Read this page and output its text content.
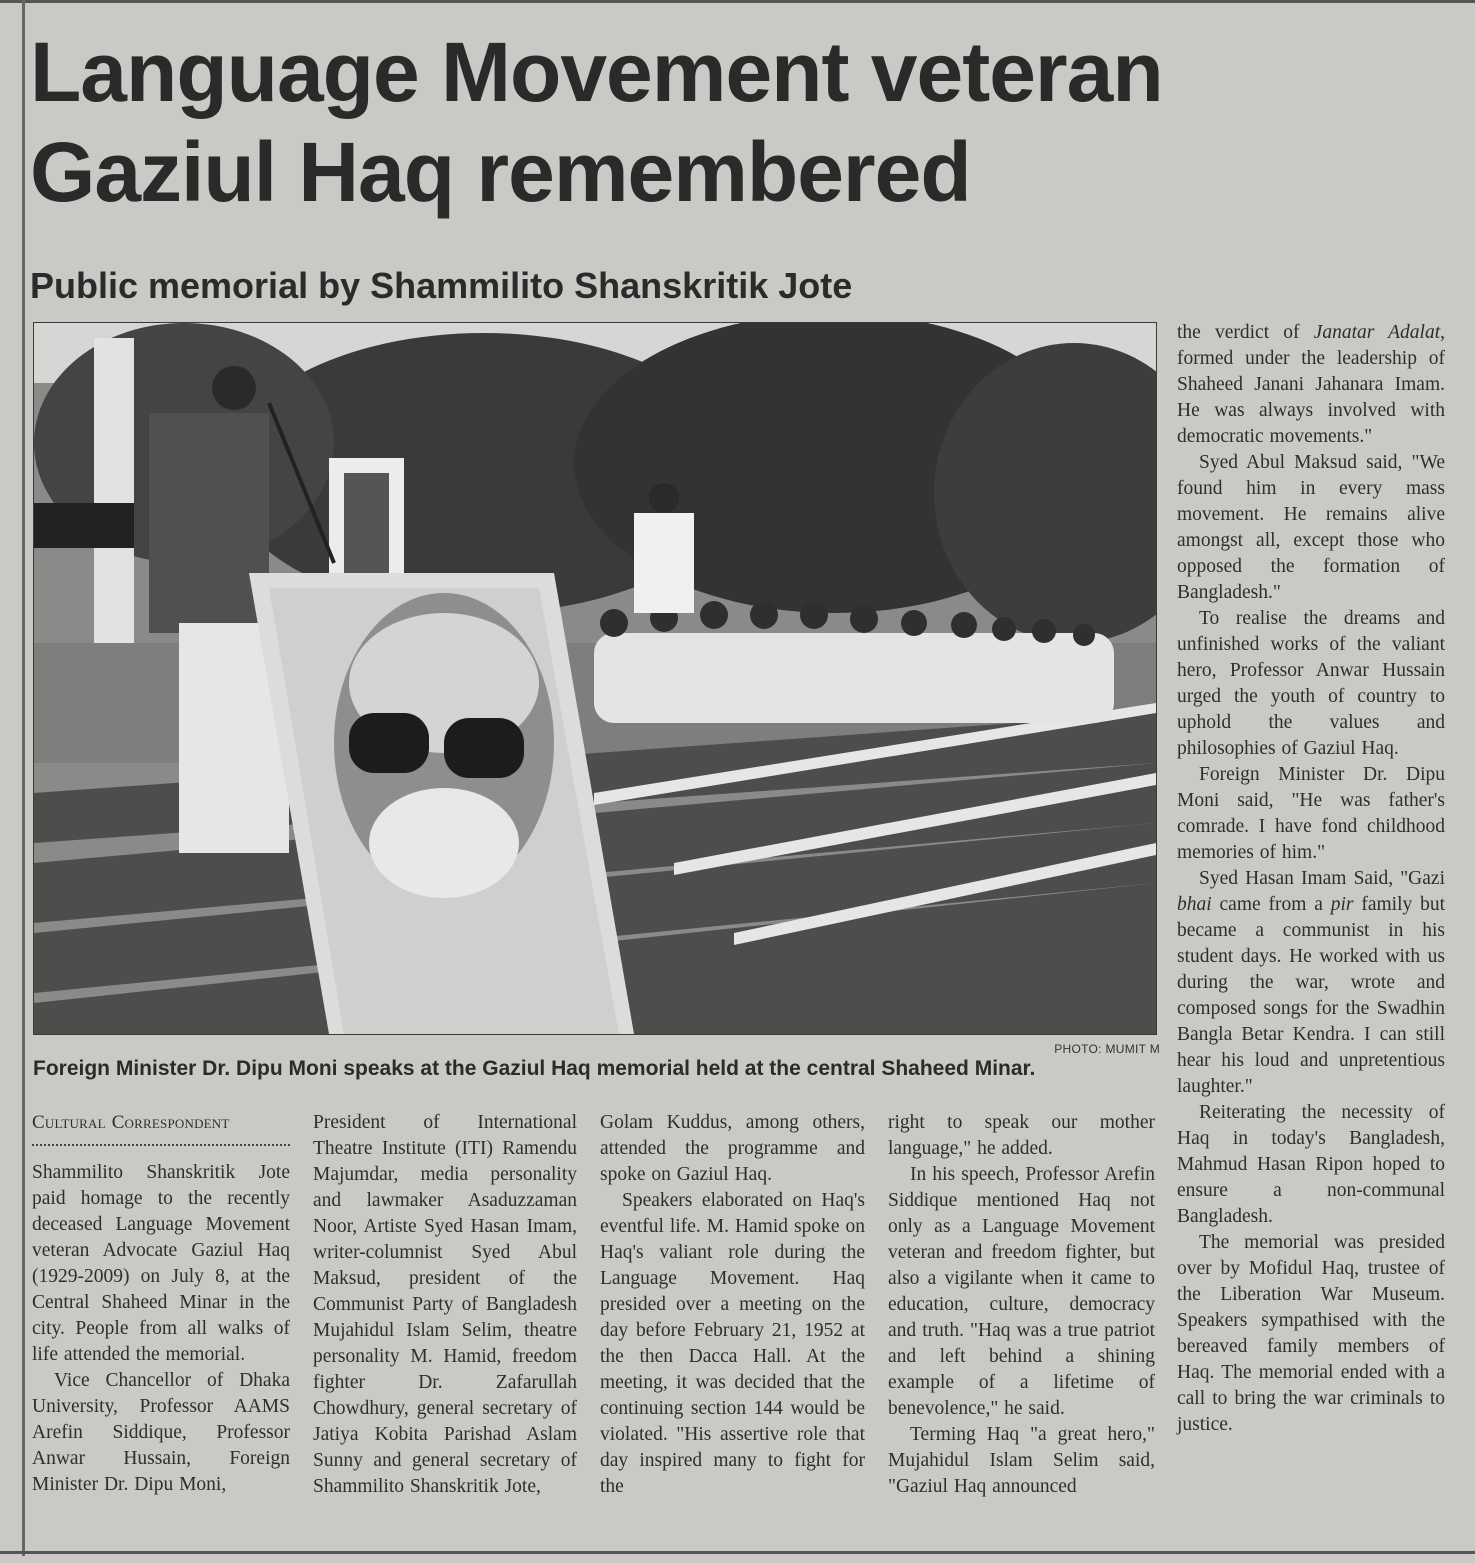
Language Movement veteran
Gaziul Haq remembered
Public memorial by Shammilito Shanskritik Jote
PHOTO: MUMIT M
Foreign Minister Dr. Dipu Moni speaks at the Gaziul Haq memorial held at the central Shaheed Minar.
Cultural Correspondent

Shammilito Shanskritik Jote paid homage to the recently deceased Language Movement veteran Advocate Gaziul Haq (1929-2009) on July 8, at the Central Shaheed Minar in the city. People from all walks of life attended the memorial.

Vice Chancellor of Dhaka University, Professor AAMS Arefin Siddique, Professor Anwar Hussain, Foreign Minister Dr. Dipu Moni,

President of International Theatre Institute (ITI) Ramendu Majumdar, media personality and lawmaker Asaduzzaman Noor, Artiste Syed Hasan Imam, writer-columnist Syed Abul Maksud, president of the Communist Party of Bangladesh Mujahidul Islam Selim, theatre personality M. Hamid, freedom fighter Dr. Zafarullah Chowdhury, general secretary of Jatiya Kobita Parishad Aslam Sunny and general secretary of Shammilito Shanskritik Jote,

Golam Kuddus, among others, attended the programme and spoke on Gaziul Haq.

Speakers elaborated on Haq's eventful life. M. Hamid spoke on Haq's valiant role during the Language Movement. Haq presided over a meeting on the day before February 21, 1952 at the then Dacca Hall. At the meeting, it was decided that the continuing section 144 would be violated. "His assertive role that day inspired many to fight for the

right to speak our mother language," he added.

In his speech, Professor Arefin Siddique mentioned Haq not only as a Language Movement veteran and freedom fighter, but also a vigilante when it came to education, culture, democracy and truth. "Haq was a true patriot and left behind a shining example of a lifetime of benevolence," he said.

Terming Haq "a great hero," Mujahidul Islam Selim said, "Gaziul Haq announced

the verdict of Janatar Adalat, formed under the leadership of Shaheed Janani Jahanara Imam. He was always involved with democratic movements."

Syed Abul Maksud said, "We found him in every mass movement. He remains alive amongst all, except those who opposed the formation of Bangladesh."

To realise the dreams and unfinished works of the valiant hero, Professor Anwar Hussain urged the youth of country to uphold the values and philosophies of Gaziul Haq.

Foreign Minister Dr. Dipu Moni said, "He was father's comrade. I have fond childhood memories of him."

Syed Hasan Imam Said, "Gazi bhai came from a pir family but became a communist in his student days. He worked with us during the war, wrote and composed songs for the Swadhin Bangla Betar Kendra. I can still hear his loud and unpretentious laughter."

Reiterating the necessity of Haq in today's Bangladesh, Mahmud Hasan Ripon hoped to ensure a non-communal Bangladesh.

The memorial was presided over by Mofidul Haq, trustee of the Liberation War Museum. Speakers sympathised with the bereaved family members of Haq. The memorial ended with a call to bring the war criminals to justice.
